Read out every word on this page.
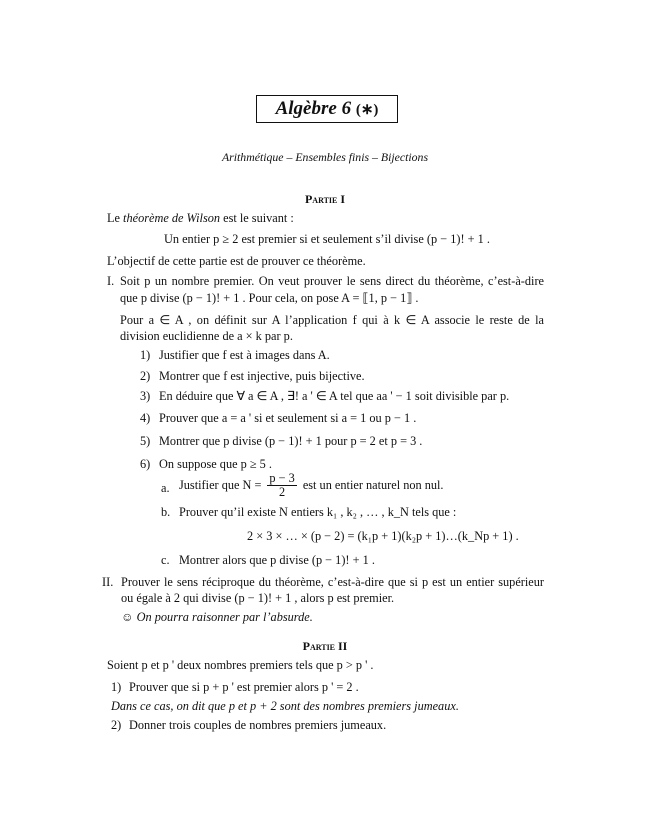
Algèbre 6 (∗)
Arithmétique – Ensembles finis – Bijections
Partie I
Le théorème de Wilson est le suivant :
Un entier p ≥ 2 est premier si et seulement s’il divise (p − 1)! + 1 .
L’objectif de cette partie est de prouver ce théorème.
I. Soit p un nombre premier. On veut prouver le sens direct du théorème, c’est-à-dire
que p divise (p − 1)! + 1 . Pour cela, on pose A = ⟦1, p − 1⟧ .
Pour a ∈ A , on définit sur A l’application f qui à k ∈ A associe le reste de la
division euclidienne de a × k par p.
1) Justifier que f est à images dans A.
2) Montrer que f est injective, puis bijective.
3) En déduire que ∀ a ∈ A , ∃! a ' ∈ A tel que aa ' − 1 soit divisible par p.
4) Prouver que a = a ' si et seulement si a = 1 ou p − 1 .
5) Montrer que p divise (p − 1)! + 1 pour p = 2 et p = 3 .
6) On suppose que p ≥ 5 .
a. Justifier que $N = \frac{p - 3}{2}$ est un entier naturel non nul.
b. Prouver qu’il existe N entiers k₁ , k₂ , … , k_N tels que :
2 × 3 × … × (p − 2) = (k₁p + 1)(k₂p + 1)…(k_Np + 1) .
c. Montrer alors que p divise (p − 1)! + 1 .
II. Prouver le sens réciproque du théorème, c’est-à-dire que si p est un entier supérieur
ou égale à 2 qui divise (p − 1)! + 1 , alors p est premier.
☺ On pourra raisonner par l’absurde.
Partie II
Soient p et p ' deux nombres premiers tels que p > p ' .
1) Prouver que si p + p ' est premier alors p ' = 2 .
Dans ce cas, on dit que p et p + 2 sont des nombres premiers jumeaux.
2) Donner trois couples de nombres premiers jumeaux.
